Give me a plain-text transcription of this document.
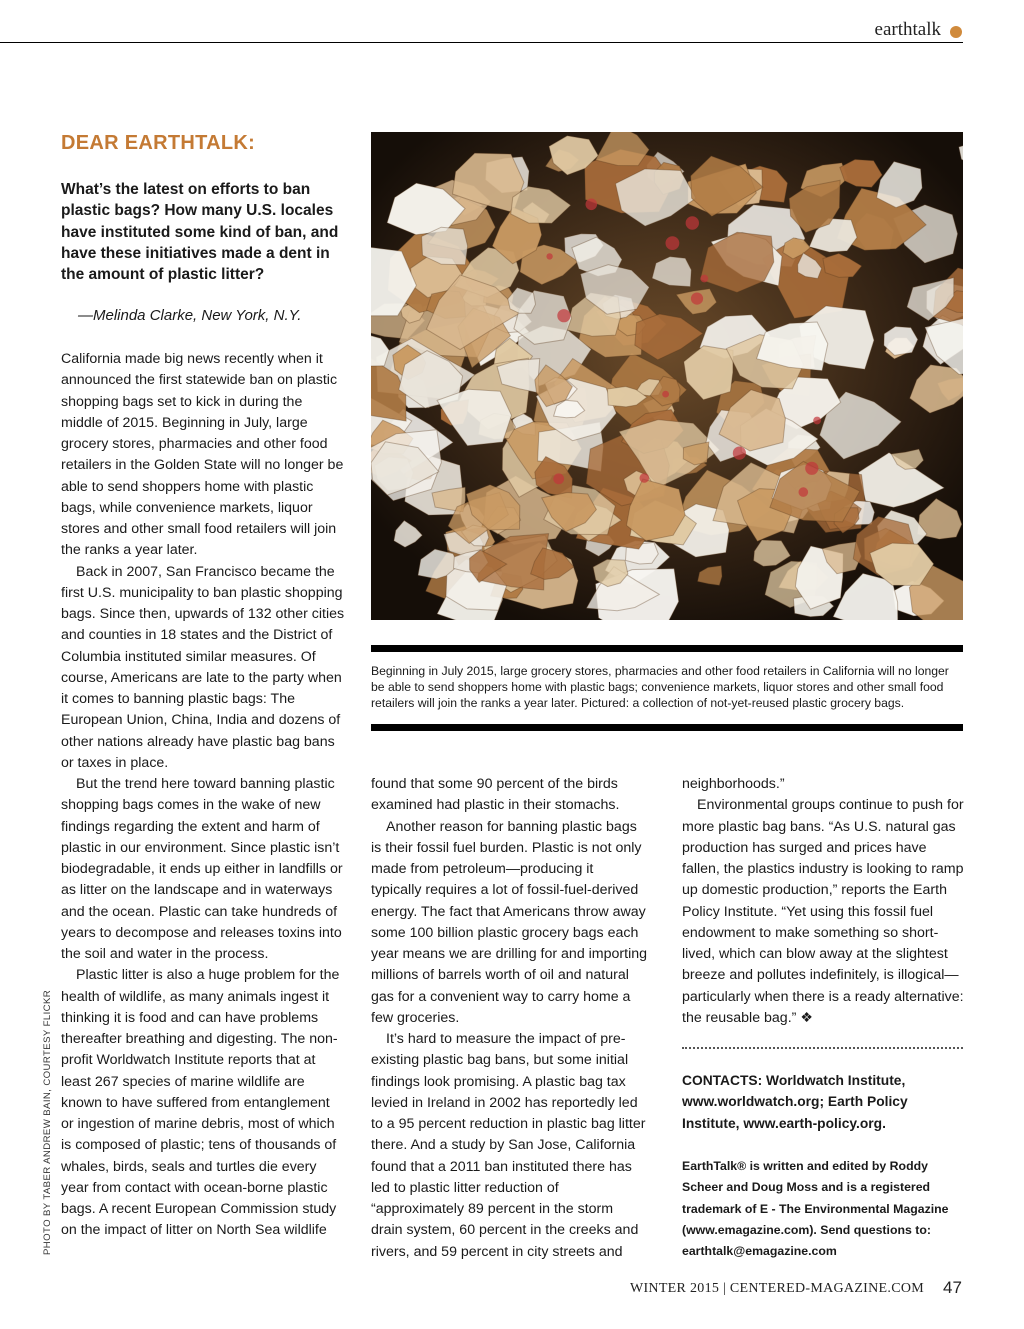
earthtalk
DEAR EARTHTALK:
What’s the latest on efforts to ban plastic bags? How many U.S. locales have instituted some kind of ban, and have these initiatives made a dent in the amount of plastic litter?
—Melinda Clarke, New York, N.Y.

California made big news recently when it announced the first statewide ban on plastic shopping bags set to kick in during the middle of 2015. Beginning in July, large grocery stores, pharmacies and other food retailers in the Golden State will no longer be able to send shoppers home with plastic bags, while convenience markets, liquor stores and other small food retailers will join the ranks a year later.

Back in 2007, San Francisco became the first U.S. municipality to ban plastic shopping bags. Since then, upwards of 132 other cities and counties in 18 states and the District of Columbia instituted similar measures. Of course, Americans are late to the party when it comes to banning plastic bags: The European Union, China, India and dozens of other nations already have plastic bag bans or taxes in place.

But the trend here toward banning plastic shopping bags comes in the wake of new findings regarding the extent and harm of plastic in our environment. Since plastic isn’t biodegradable, it ends up either in landfills or as litter on the landscape and in waterways and the ocean. Plastic can take hundreds of years to decompose and releases toxins into the soil and water in the process.

Plastic litter is also a huge problem for the health of wildlife, as many animals ingest it thinking it is food and can have problems thereafter breathing and digesting. The non-profit Worldwatch Institute reports that at least 267 species of marine wildlife are known to have suffered from entanglement or ingestion of marine debris, most of which is composed of plastic; tens of thousands of whales, birds, seals and turtles die every year from contact with ocean-borne plastic bags. A recent European Commission study on the impact of litter on North Sea wildlife

Beginning in July 2015, large grocery stores, pharmacies and other food retailers in California will no longer be able to send shoppers home with plastic bags; convenience markets, liquor stores and other small food retailers will join the ranks a year later. Pictured: a collection of not-yet-reused plastic grocery bags.
PHOTO BY TABER ANDREW BAIN, COURTESY FLICKR

found that some 90 percent of the birds examined had plastic in their stomachs.

Another reason for banning plastic bags is their fossil fuel burden. Plastic is not only made from petroleum—producing it typically requires a lot of fossil-fuel-derived energy. The fact that Americans throw away some 100 billion plastic grocery bags each year means we are drilling for and importing millions of barrels worth of oil and natural gas for a convenient way to carry home a few groceries.

It’s hard to measure the impact of pre-existing plastic bag bans, but some initial findings look promising. A plastic bag tax levied in Ireland in 2002 has reportedly led to a 95 percent reduction in plastic bag litter there. And a study by San Jose, California found that a 2011 ban instituted there has led to plastic litter reduction of “approximately 89 percent in the storm drain system, 60 percent in the creeks and rivers, and 59 percent in city streets and

neighborhoods.”

Environmental groups continue to push for more plastic bag bans. “As U.S. natural gas production has surged and prices have fallen, the plastics industry is looking to ramp up domestic production,” reports the Earth Policy Institute. “Yet using this fossil fuel endowment to make something so short-lived, which can blow away at the slightest breeze and pollutes indefinitely, is illogical—particularly when there is a ready alternative: the reusable bag.” ❖

CONTACTS: Worldwatch Institute, www.worldwatch.org; Earth Policy Institute, www.earth-policy.org.
EarthTalk® is written and edited by Roddy Scheer and Doug Moss and is a registered trademark of E - The Environmental Magazine (www.emagazine.com). Send questions to: earthtalk@emagazine.com
WINTER 2015 | CENTERED-MAGAZINE.COM 47
